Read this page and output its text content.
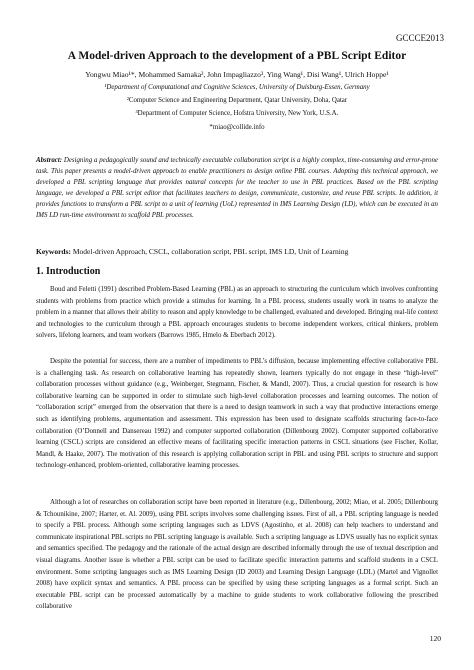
GCCCE2013
A Model-driven Approach to the development of a PBL Script Editor
Yongwu Miao¹*, Mohammed Samaka², John Impagliazzo³, Ying Wang¹, Disi Wang¹, Ulrich Hoppe¹
¹Department of Computational and Cognitive Sciences, University of Duisburg-Essen, Germany
²Computer Science and Engineering Department, Qatar University, Doha, Qatar
³Department of Computer Science, Hofstra University, New York, U.S.A.
*miao@collide.info
Abstract: Designing a pedagogically sound and technically executable collaboration script is a highly complex, time-consuming and error-prone task. This paper presents a model-driven approach to enable practitioners to design online PBL courses. Adopting this technical approach, we developed a PBL scripting language that provides natural concepts for the teacher to use in PBL practices. Based on the PBL scripting language, we developed a PBL script editor that facilitates teachers to design, communicate, customize, and reuse PBL scripts. In addition, it provides functions to transform a PBL script to a unit of learning (UoL) represented in IMS Learning Design (LD), which can be executed in an IMS LD run-time environment to scaffold PBL processes.
Keywords: Model-driven Approach, CSCL, collaboration script, PBL script, IMS LD, Unit of Learning
1. Introduction

Boud and Feletti (1991) described Problem-Based Learning (PBL) as an approach to structuring the curriculum which involves confronting students with problems from practice which provide a stimulus for learning. In a PBL process, students usually work in teams to analyze the problem in a manner that allows their ability to reason and apply knowledge to be challenged, evaluated and developed. Bringing real-life context and technologies to the curriculum through a PBL approach encourages students to become independent workers, critical thinkers, problem solvers, lifelong learners, and team workers (Barrows 1985, Hmelo & Eberbach 2012).

Despite the potential for success, there are a number of impediments to PBL’s diffusion, because implementing effective collaborative PBL is a challenging task. As research on collaborative learning has repeatedly shown, learners typically do not engage in these “high-level” collaboration processes without guidance (e.g., Weinberger, Stegmann, Fischer, & Mandl, 2007). Thus, a crucial question for research is how collaborative learning can be supported in order to stimulate such high-level collaboration processes and learning outcomes. The notion of “collaboration script” emerged from the observation that there is a need to design teamwork in such a way that productive interactions emerge such as identifying problems, argumentation and assessment. This expression has been used to designate scaffolds structuring face-to-face collaboration (O’Donnell and Dansereau 1992) and computer supported collaboration (Dillenbourg 2002). Computer supported collaborative learning (CSCL) scripts are considered an effective means of facilitating specific interaction patterns in CSCL situations (see Fischer, Kollar, Mandl, & Haake, 2007). The motivation of this research is applying collaboration script in PBL and using PBL scripts to structure and support technology-enhanced, problem-oriented, collaborative learning processes.

Although a lot of researches on collaboration script have been reported in literature (e.g., Dillenbourg, 2002; Miao, et al. 2005; Dillenbourg & Tchounikine, 2007; Harter, et. Al. 2009), using PBL scripts involves some challenging issues. First of all, a PBL scripting language is needed to specify a PBL process. Although some scripting languages such as LDVS (Agostinho, et al. 2008) can help teachers to understand and communicate inspirational PBL scripts no PBL scripting language is available. Such a scripting language as LDVS usually has no explicit syntax and semantics specified. The pedagogy and the rationale of the actual design are described informally through the use of textual description and visual diagrams. Another issue is whether a PBL script can be used to facilitate specific interaction patterns and scaffold students in a CSCL environment. Some scripting languages such as IMS Learning Design (ID 2003) and Learning Design Language (LDL) (Martel and Vignollet 2008) have explicit syntax and semantics. A PBL process can be specified by using these scripting languages as a formal script. Such an executable PBL script can be processed automatically by a machine to guide students to work collaborative following the prescribed collaborative

120
